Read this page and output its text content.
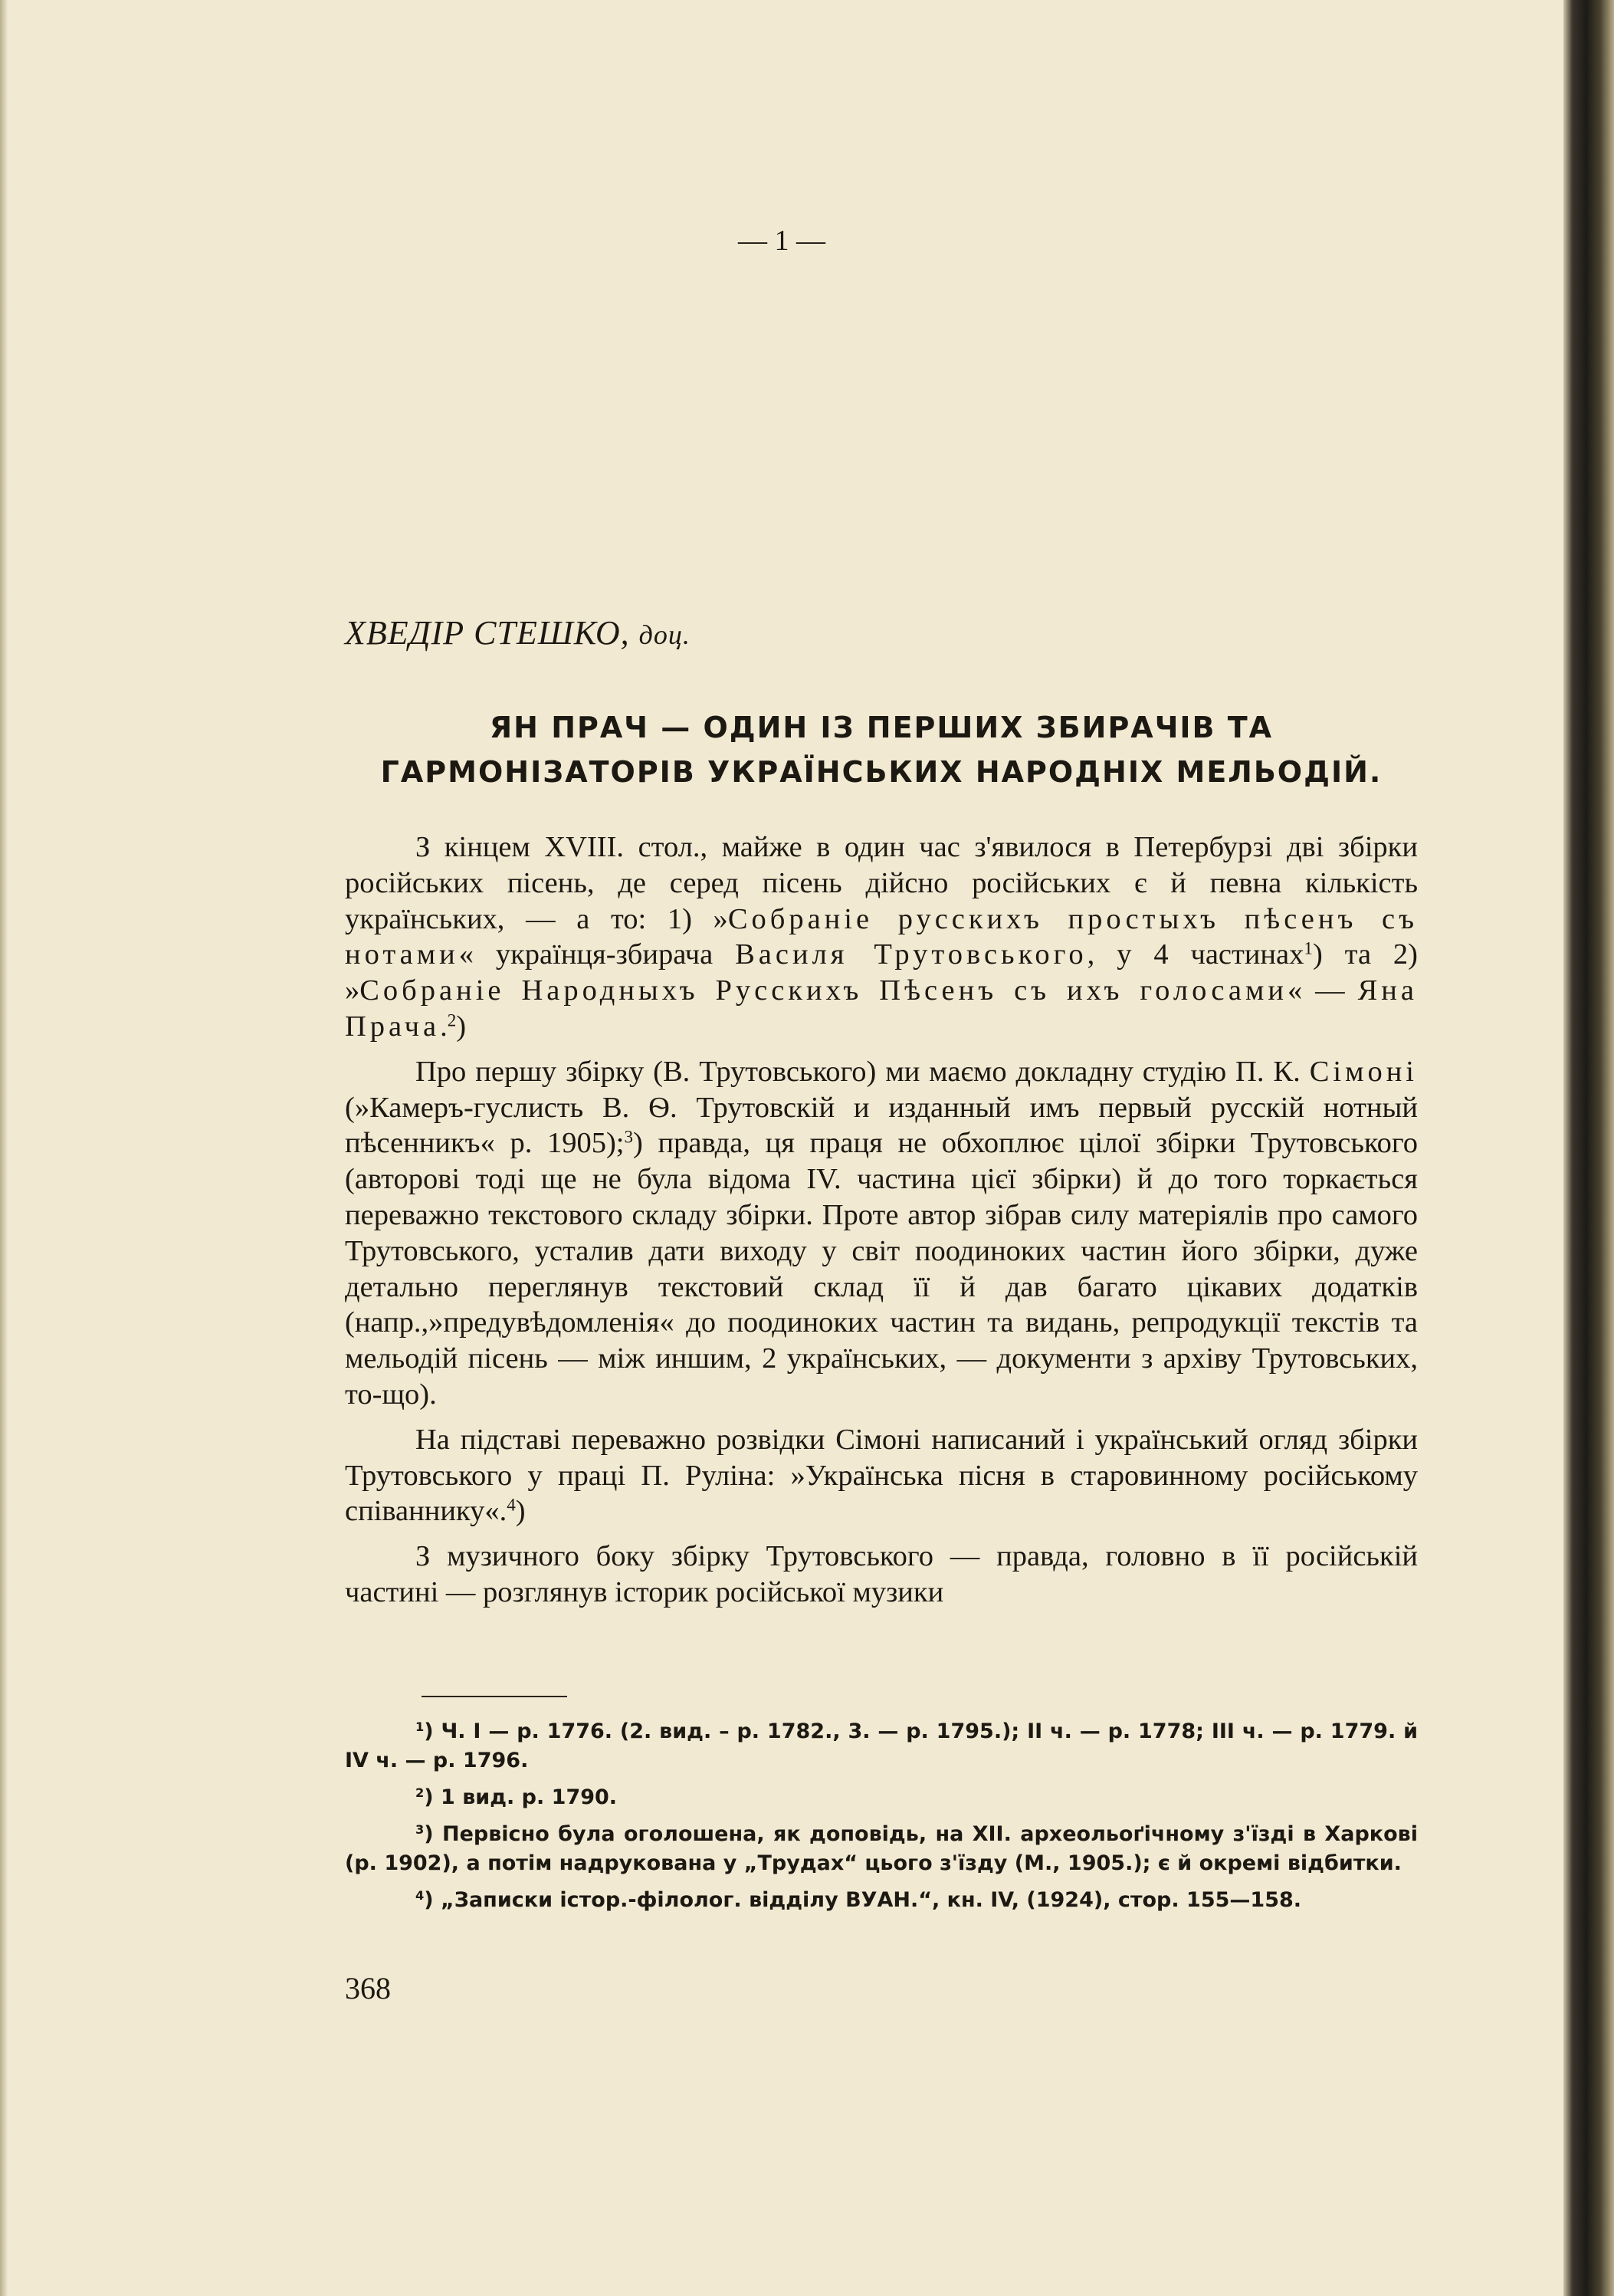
— 1 —
ХВЕДІР СТЕШКО, доц.
ЯН ПРАЧ — ОДИН ІЗ ПЕРШИХ ЗБИРАЧІВ ТА ГАРМОНІЗАТОРІВ УКРАЇНСЬКИХ НАРОДНІХ МЕЛЬОДІЙ.

З кінцем XVIII. стол., майже в один час з'явилося в Петербурзі дві збірки російських пісень, де серед пісень дійсно російських є й певна кількість українських, — а то: 1) »Собраніе русскихъ простыхъ пѣсенъ съ нотами« українця-збирача Василя Трутовського, у 4 частинах$^1$) та 2) »Собраніе Народныхъ Русскихъ Пѣсенъ съ ихъ голосами« — Яна Прача.$^2$)

Про першу збірку (В. Трутовського) ми маємо докладну студію П. К. Сімоні (»Камеръ-гуслисть В. Ѳ. Трутовскій и изданный имъ первый русскій нотный пѣсенникъ« р. 1905);$^3$) правда, ця праця не обхоплює цілої збірки Трутовського (авторові тоді ще не була відома IV. частина цієї збірки) й до того торкається переважно текстового складу збірки. Проте автор зібрав силу матеріялів про самого Трутовського, усталив дати виходу у світ поодиноких частин його збірки, дуже детально переглянув текстовий склад її й дав багато цікавих додатків (напр.,»предувѣдомленія« до поодиноких частин та видань, репродукції текстів та мельодій пісень — між иншим, 2 українських, — документи з архіву Трутовських, то-що).

На підставі переважно розвідки Сімоні написаний і український огляд збірки Трутовського у праці П. Руліна: »Українська пісня в старовинному російському співаннику«.$^4$)

З музичного боку збірку Трутовського — правда, головно в її російській частині — розглянув історик російської музики

$^1$) Ч. І — р. 1776. (2. вид. – р. 1782., 3. — р. 1795.); ІІ ч. — р. 1778; ІІІ ч. — р. 1779. й IV ч. — р. 1796.

$^2$) 1 вид. р. 1790.

$^3$) Первісно була оголошена, як доповідь, на XII. археольоґічному з'їзді в Харкові (р. 1902), а потім надрукована у „Трудах“ цього з'їзду (М., 1905.); є й окремі відбитки.

$^4$) „Записки істор.-філолог. відділу ВУАН.“, кн. IV, (1924), стор. 155—158.

368
